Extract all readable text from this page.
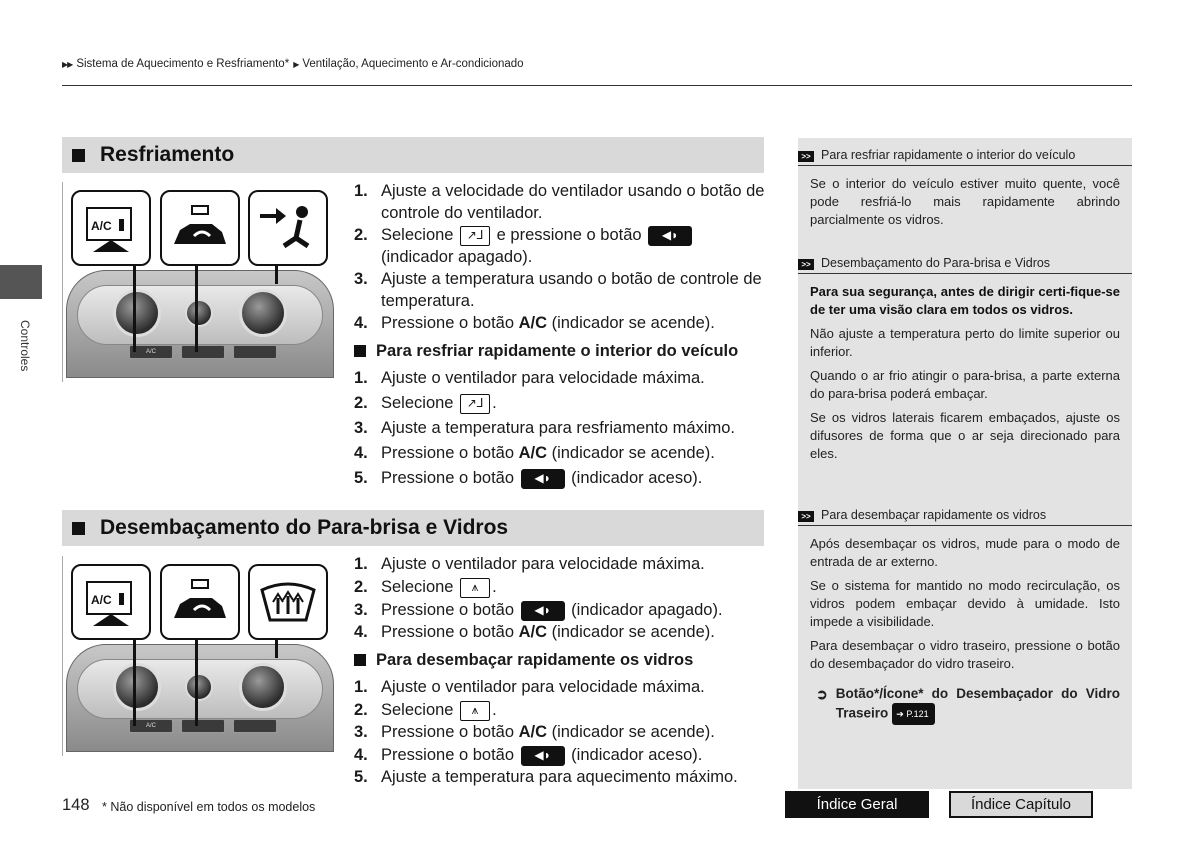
▶▶ Sistema de Aquecimento e Resfriamento* ▶ Ventilação, Aquecimento e Ar-condicionado
Controles
Resfriamento
A/C
A/C
1. Ajuste a velocidade do ventilador usando o botão de controle do ventilador.
2. Selecione ↗⅃ e pressione o botão ◀◗ (indicador apagado).
3. Ajuste a temperatura usando o botão de controle de temperatura.
4. Pressione o botão A/C (indicador se acende).
Para resfriar rapidamente o interior do veículo
1. Ajuste o ventilador para velocidade máxima.
2. Selecione ↗⅃ .
3. Ajuste a temperatura para resfriamento máximo.
4. Pressione o botão A/C (indicador se acende).
5. Pressione o botão ◀◗ (indicador aceso).
Desembaçamento do Para-brisa e Vidros
A/C
A/C
1. Ajuste o ventilador para velocidade máxima.
2. Selecione ⩚ .
3. Pressione o botão ◀◗ (indicador apagado).
4. Pressione o botão A/C (indicador se acende).
Para desembaçar rapidamente os vidros
1. Ajuste o ventilador para velocidade máxima.
2. Selecione ⩚ .
3. Pressione o botão A/C (indicador se acende).
4. Pressione o botão ◀◗ (indicador aceso).
5. Ajuste a temperatura para aquecimento máximo.
>> Para resfriar rapidamente o interior do veículo

Se o interior do veículo estiver muito quente, você pode resfriá-lo mais rapidamente abrindo parcialmente os vidros.

>> Desembaçamento do Para-brisa e Vidros

Para sua segurança, antes de dirigir certi-fique-se de ter uma visão clara em todos os vidros.

Não ajuste a temperatura perto do limite superior ou inferior.

Quando o ar frio atingir o para-brisa, a parte externa do para-brisa poderá embaçar.

Se os vidros laterais ficarem embaçados, ajuste os difusores de forma que o ar seja direcionado para eles.

>> Para desembaçar rapidamente os vidros

Após desembaçar os vidros, mude para o modo de entrada de ar externo.

Se o sistema for mantido no modo recirculação, os vidros podem embaçar devido à umidade. Isto impede a visibilidade.

Para desembaçar o vidro traseiro, pressione o botão do desembaçador do vidro traseiro.

➲ Botão*/Ícone* do Desembaçador do Vidro Traseiro ➔ P.121
148 * Não disponível em todos os modelos	Índice Geral	Índice Capítulo
